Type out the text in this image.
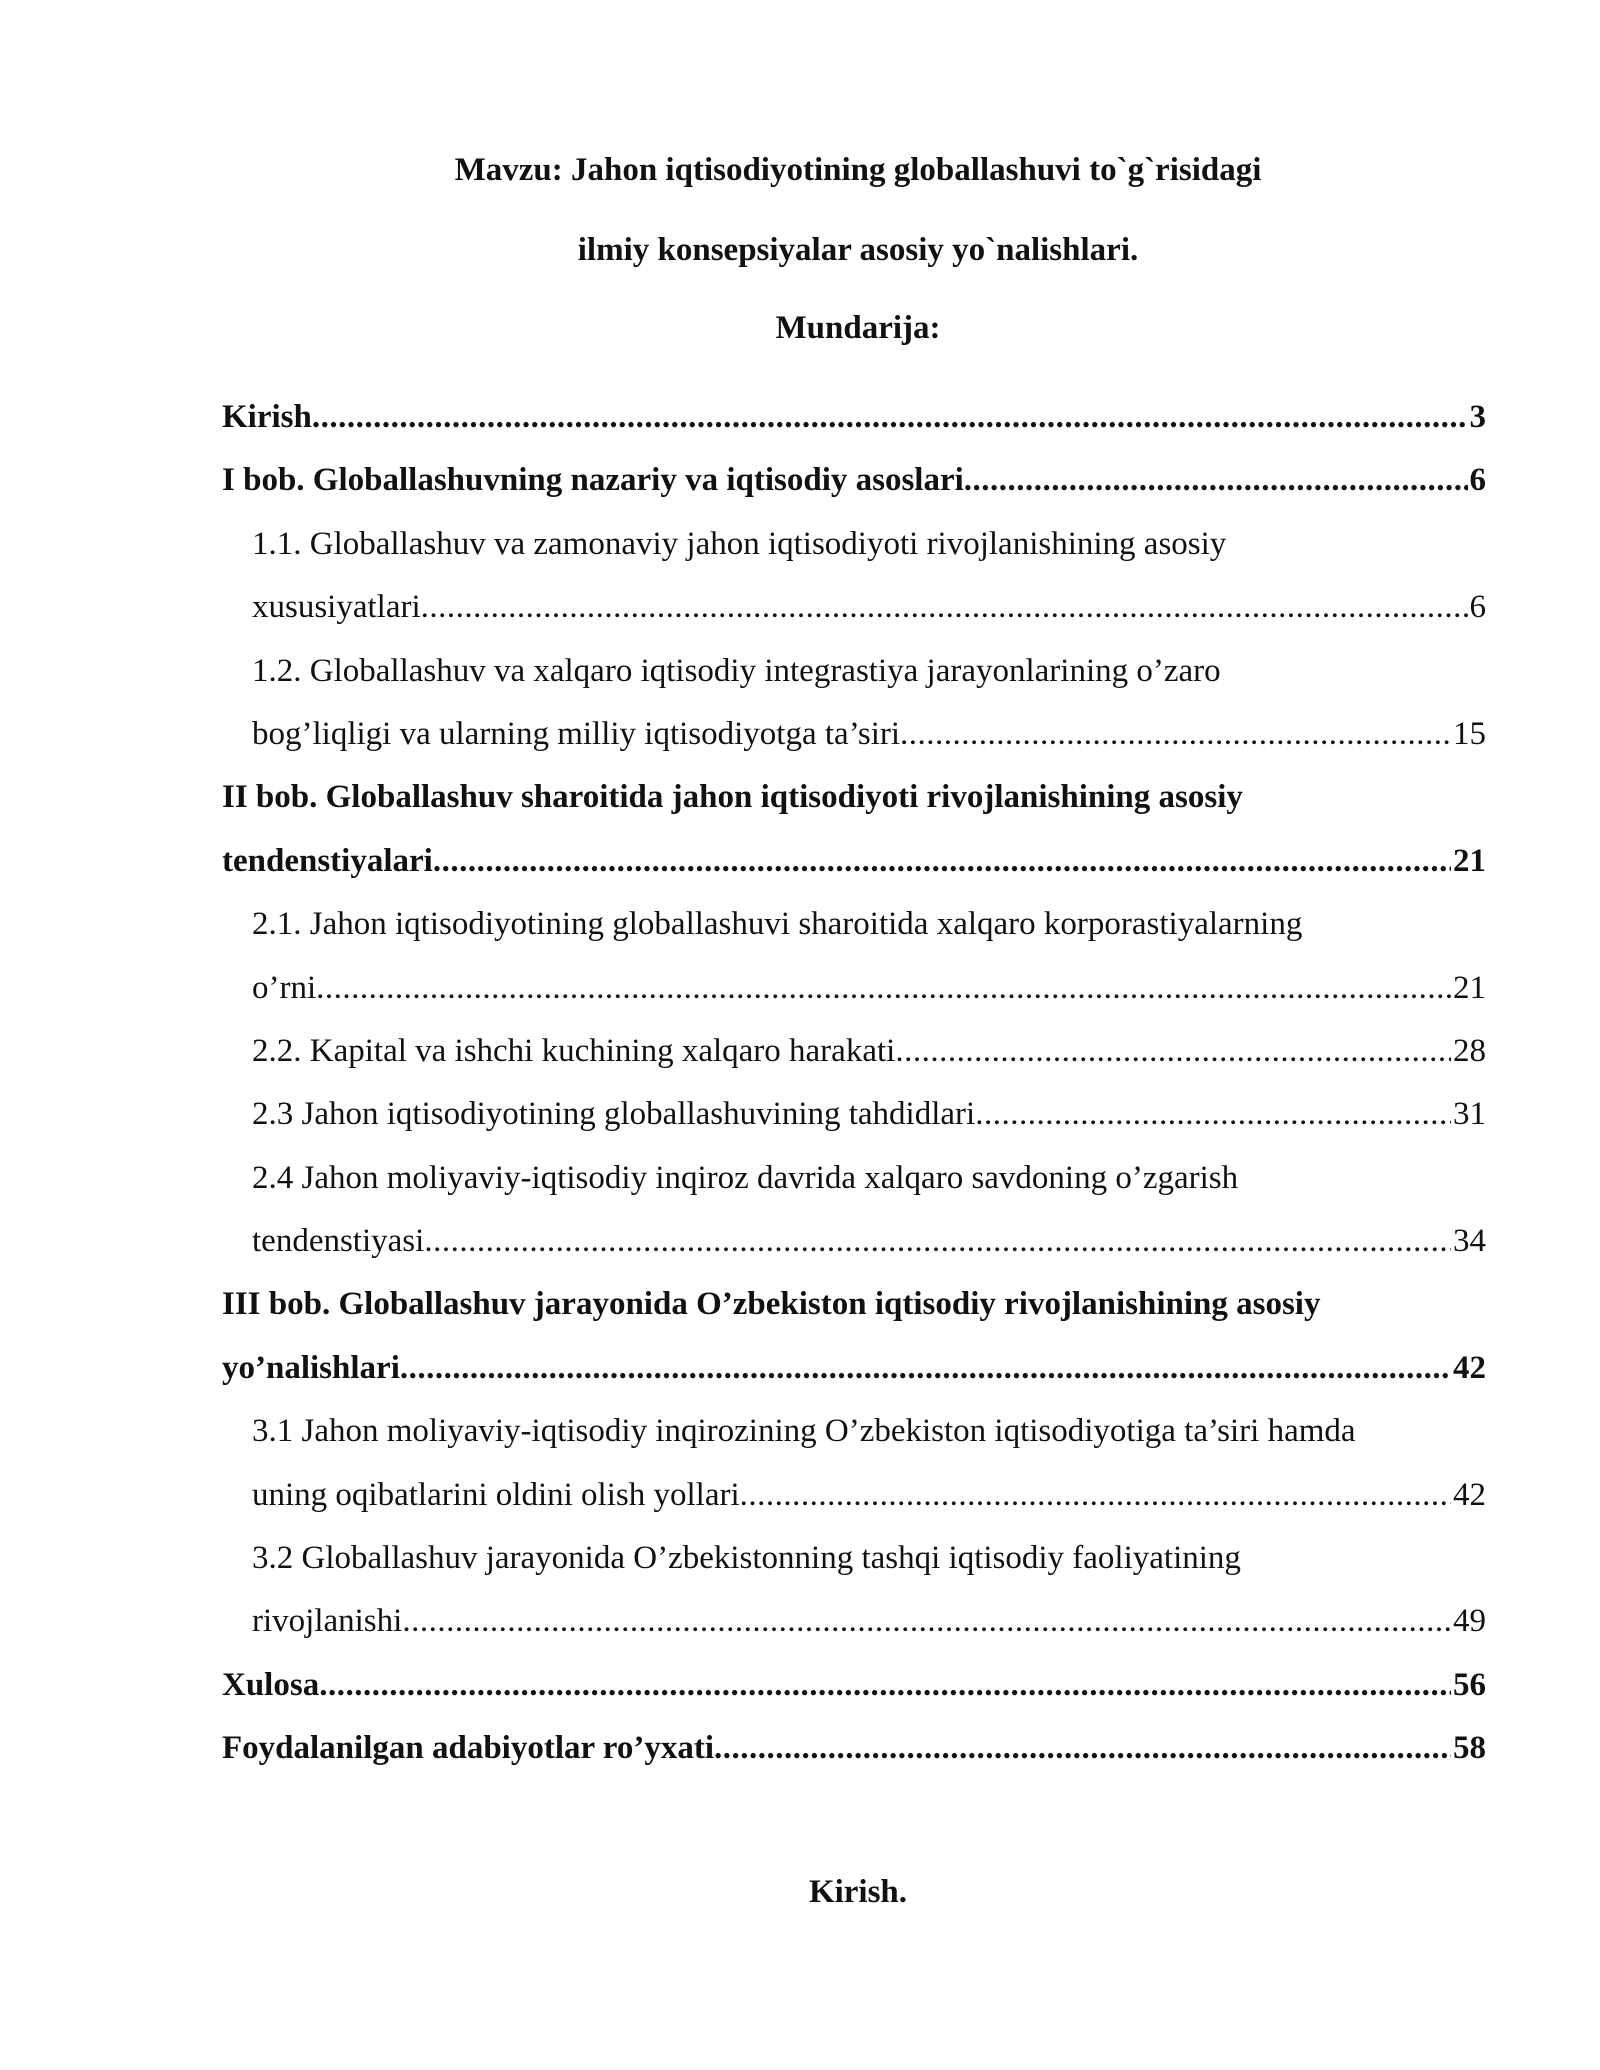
Mavzu: Jahon iqtisodiyotining globallashuvi to`g`risidagi
ilmiy konsepsiyalar asosiy yo`nalishlari.
Mundarija:
Kirish .....	3
I bob. Globallashuvning nazariy va iqtisodiy asoslari .....	6
1.1. Globallashuv va zamonaviy jahon iqtisodiyoti rivojlanishining asosiy
xususiyatlari .....	6
1.2. Globallashuv va xalqaro iqtisodiy integrastiya jarayonlarining o’zaro
bog’liqligi va ularning milliy iqtisodiyotga ta’siri .....	15
II bob. Globallashuv sharoitida jahon iqtisodiyoti rivojlanishining asosiy
tendenstiyalari .....	21
2.1. Jahon iqtisodiyotining globallashuvi sharoitida xalqaro korporastiyalarning
o’rni .....	21
2.2. Kapital va ishchi kuchining xalqaro harakati .....	28
2.3 Jahon iqtisodiyotining globallashuvining tahdidlari .....	31
2.4 Jahon moliyaviy-iqtisodiy inqiroz davrida xalqaro savdoning o’zgarish
tendenstiyasi .....	34
III bob. Globallashuv jarayonida O’zbekiston iqtisodiy rivojlanishining asosiy
yo’nalishlari .....	42
3.1 Jahon moliyaviy-iqtisodiy inqirozining O’zbekiston iqtisodiyotiga ta’siri hamda
uning oqibatlarini oldini olish yollari .....	42
3.2 Globallashuv jarayonida O’zbekistonning tashqi iqtisodiy faoliyatining
rivojlanishi .....	49
Xulosa .....	56
Foydalanilgan adabiyotlar ro’yxati .....	58
Kirish.
